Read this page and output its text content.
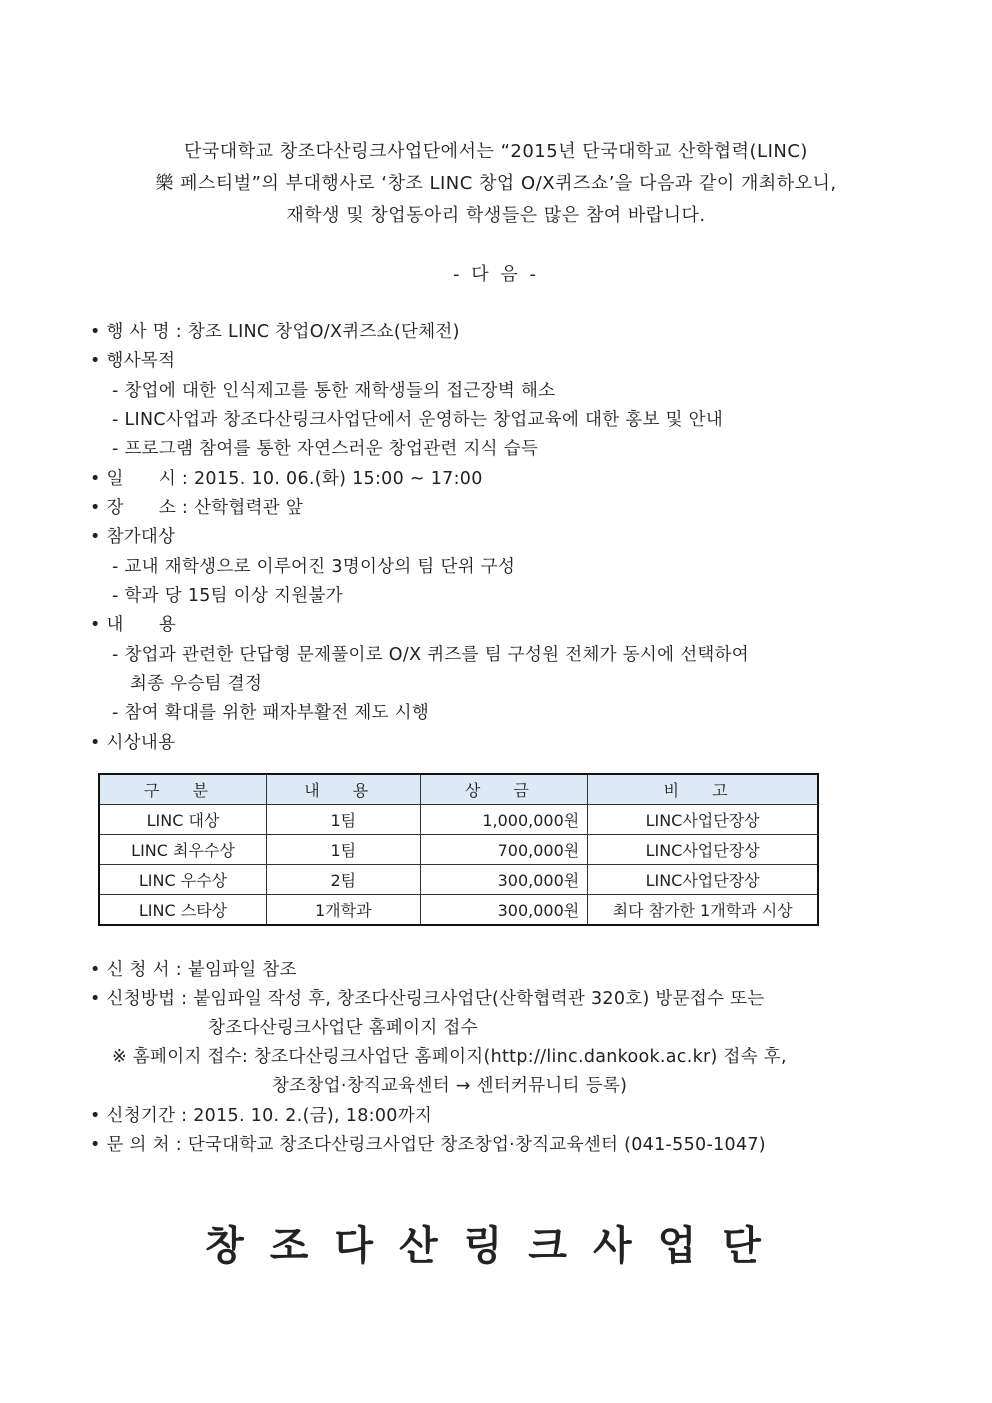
단국대학교 창조다산링크사업단에서는 “2015년 단국대학교 산학협력(LINC)
樂 페스티벌”의 부대행사로 ‘창조 LINC 창업 O/X퀴즈쇼’을 다음과 같이 개최하오니,
재학생 및 창업동아리 학생들은 많은 참여 바랍니다.
- 다 음 -
• 행 사 명 : 창조 LINC 창업O/X퀴즈쇼(단체전)
• 행사목적
- 창업에 대한 인식제고를 통한 재학생들의 접근장벽 해소
- LINC사업과 창조다산링크사업단에서 운영하는 창업교육에 대한 홍보 및 안내
- 프로그램 참여를 통한 자연스러운 창업관련 지식 습득
• 일      시 : 2015. 10. 06.(화) 15:00 ~ 17:00
• 장      소 : 산학협력관 앞
• 참가대상
- 교내 재학생으로 이루어진 3명이상의 팀 단위 구성
- 학과 당 15팀 이상 지원불가
• 내      용
- 창업과 관련한 단답형 문제풀이로 O/X 퀴즈를 팀 구성원 전체가 동시에 선택하여
최종 우승팀 결정
- 참여 확대를 위한 패자부활전 제도 시행
• 시상내용
구 분	내 용	상 금	비 고
LINC 대상	1팀	1,000,000원	LINC사업단장상
LINC 최우수상	1팀	700,000원	LINC사업단장상
LINC 우수상	2팀	300,000원	LINC사업단장상
LINC 스타상	1개학과	300,000원	최다 참가한 1개학과 시상
• 신 청 서 : 붙임파일 참조
• 신청방법 : 붙임파일 작성 후, 창조다산링크사업단(산학협력관 320호) 방문접수 또는
창조다산링크사업단 홈페이지 접수
※ 홈페이지 접수: 창조다산링크사업단 홈페이지(http://linc.dankook.ac.kr) 접속 후,
창조창업·창직교육센터 → 센터커뮤니티 등록)
• 신청기간 : 2015. 10. 2.(금), 18:00까지
• 문 의 처 : 단국대학교 창조다산링크사업단 창조창업·창직교육센터 (041-550-1047)
창조다산링크사업단
